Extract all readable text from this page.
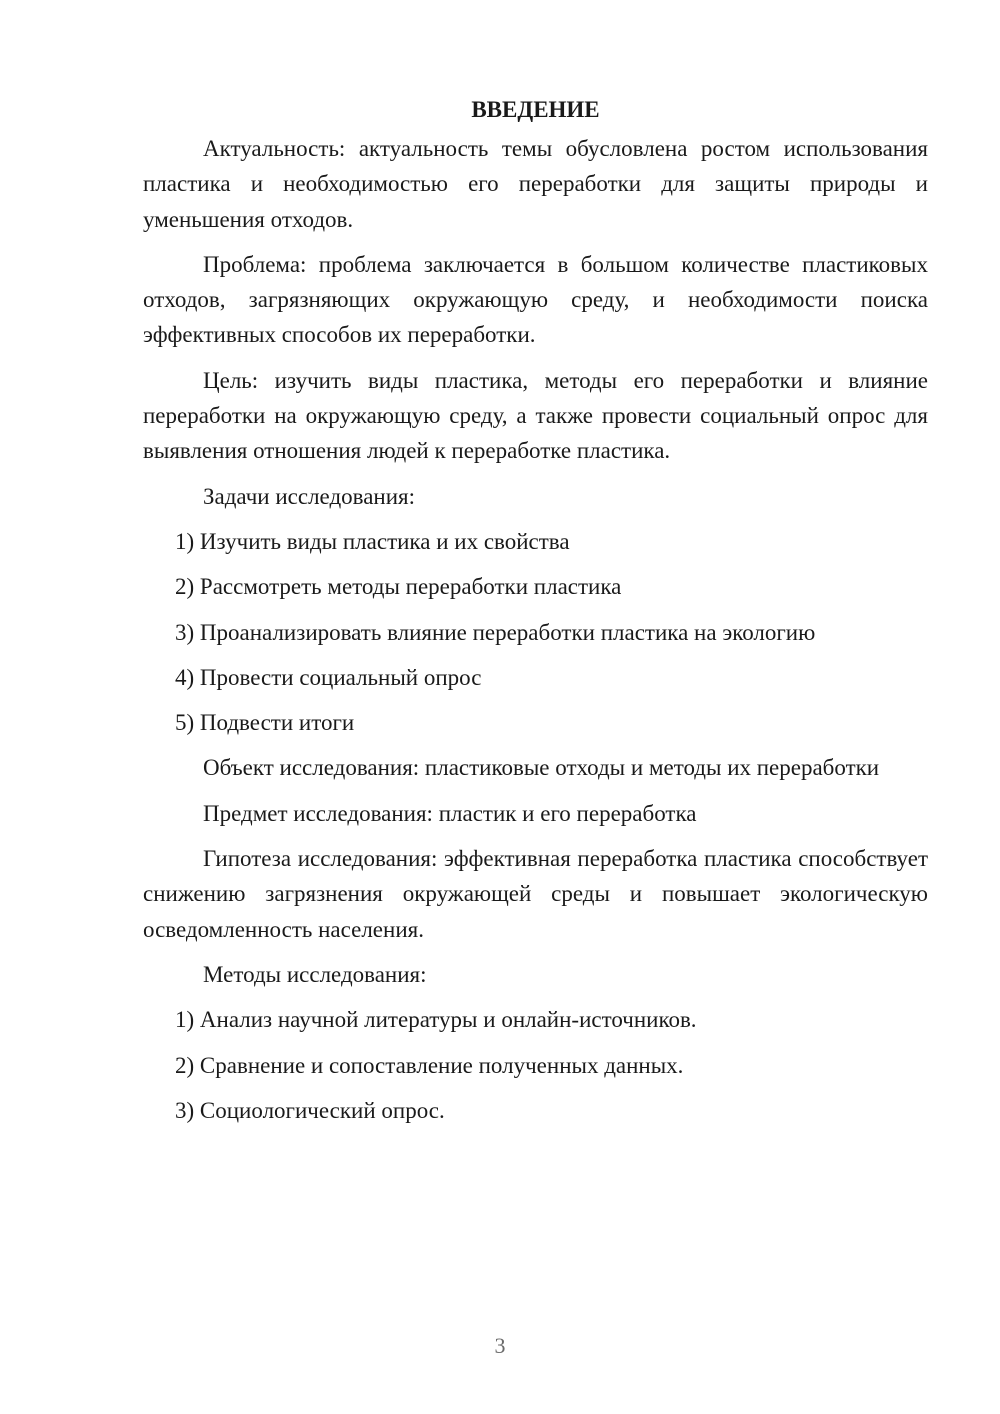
ВВЕДЕНИЕ

Актуальность: актуальность темы обусловлена ростом использования пластика и необходимостью его переработки для защиты природы и уменьшения отходов.

Проблема: проблема заключается в большом количестве пластиковых отходов, загрязняющих окружающую среду, и необходимости поиска эффективных способов их переработки.

Цель: изучить виды пластика, методы его переработки и влияние переработки на окружающую среду, а также провести социальный опрос для выявления отношения людей к переработке пластика.

Задачи исследования:

1) Изучить виды пластика и их свойства

2) Рассмотреть методы переработки пластика

3) Проанализировать влияние переработки пластика на экологию

4) Провести социальный опрос

5) Подвести итоги

Объект исследования: пластиковые отходы и методы их переработки

Предмет исследования: пластик и его переработка

Гипотеза исследования: эффективная переработка пластика способствует снижению загрязнения окружающей среды и повышает экологическую осведомленность населения.

Методы исследования:

1) Анализ научной литературы и онлайн-источников.

2) Сравнение и сопоставление полученных данных.

3) Социологический опрос.

3
